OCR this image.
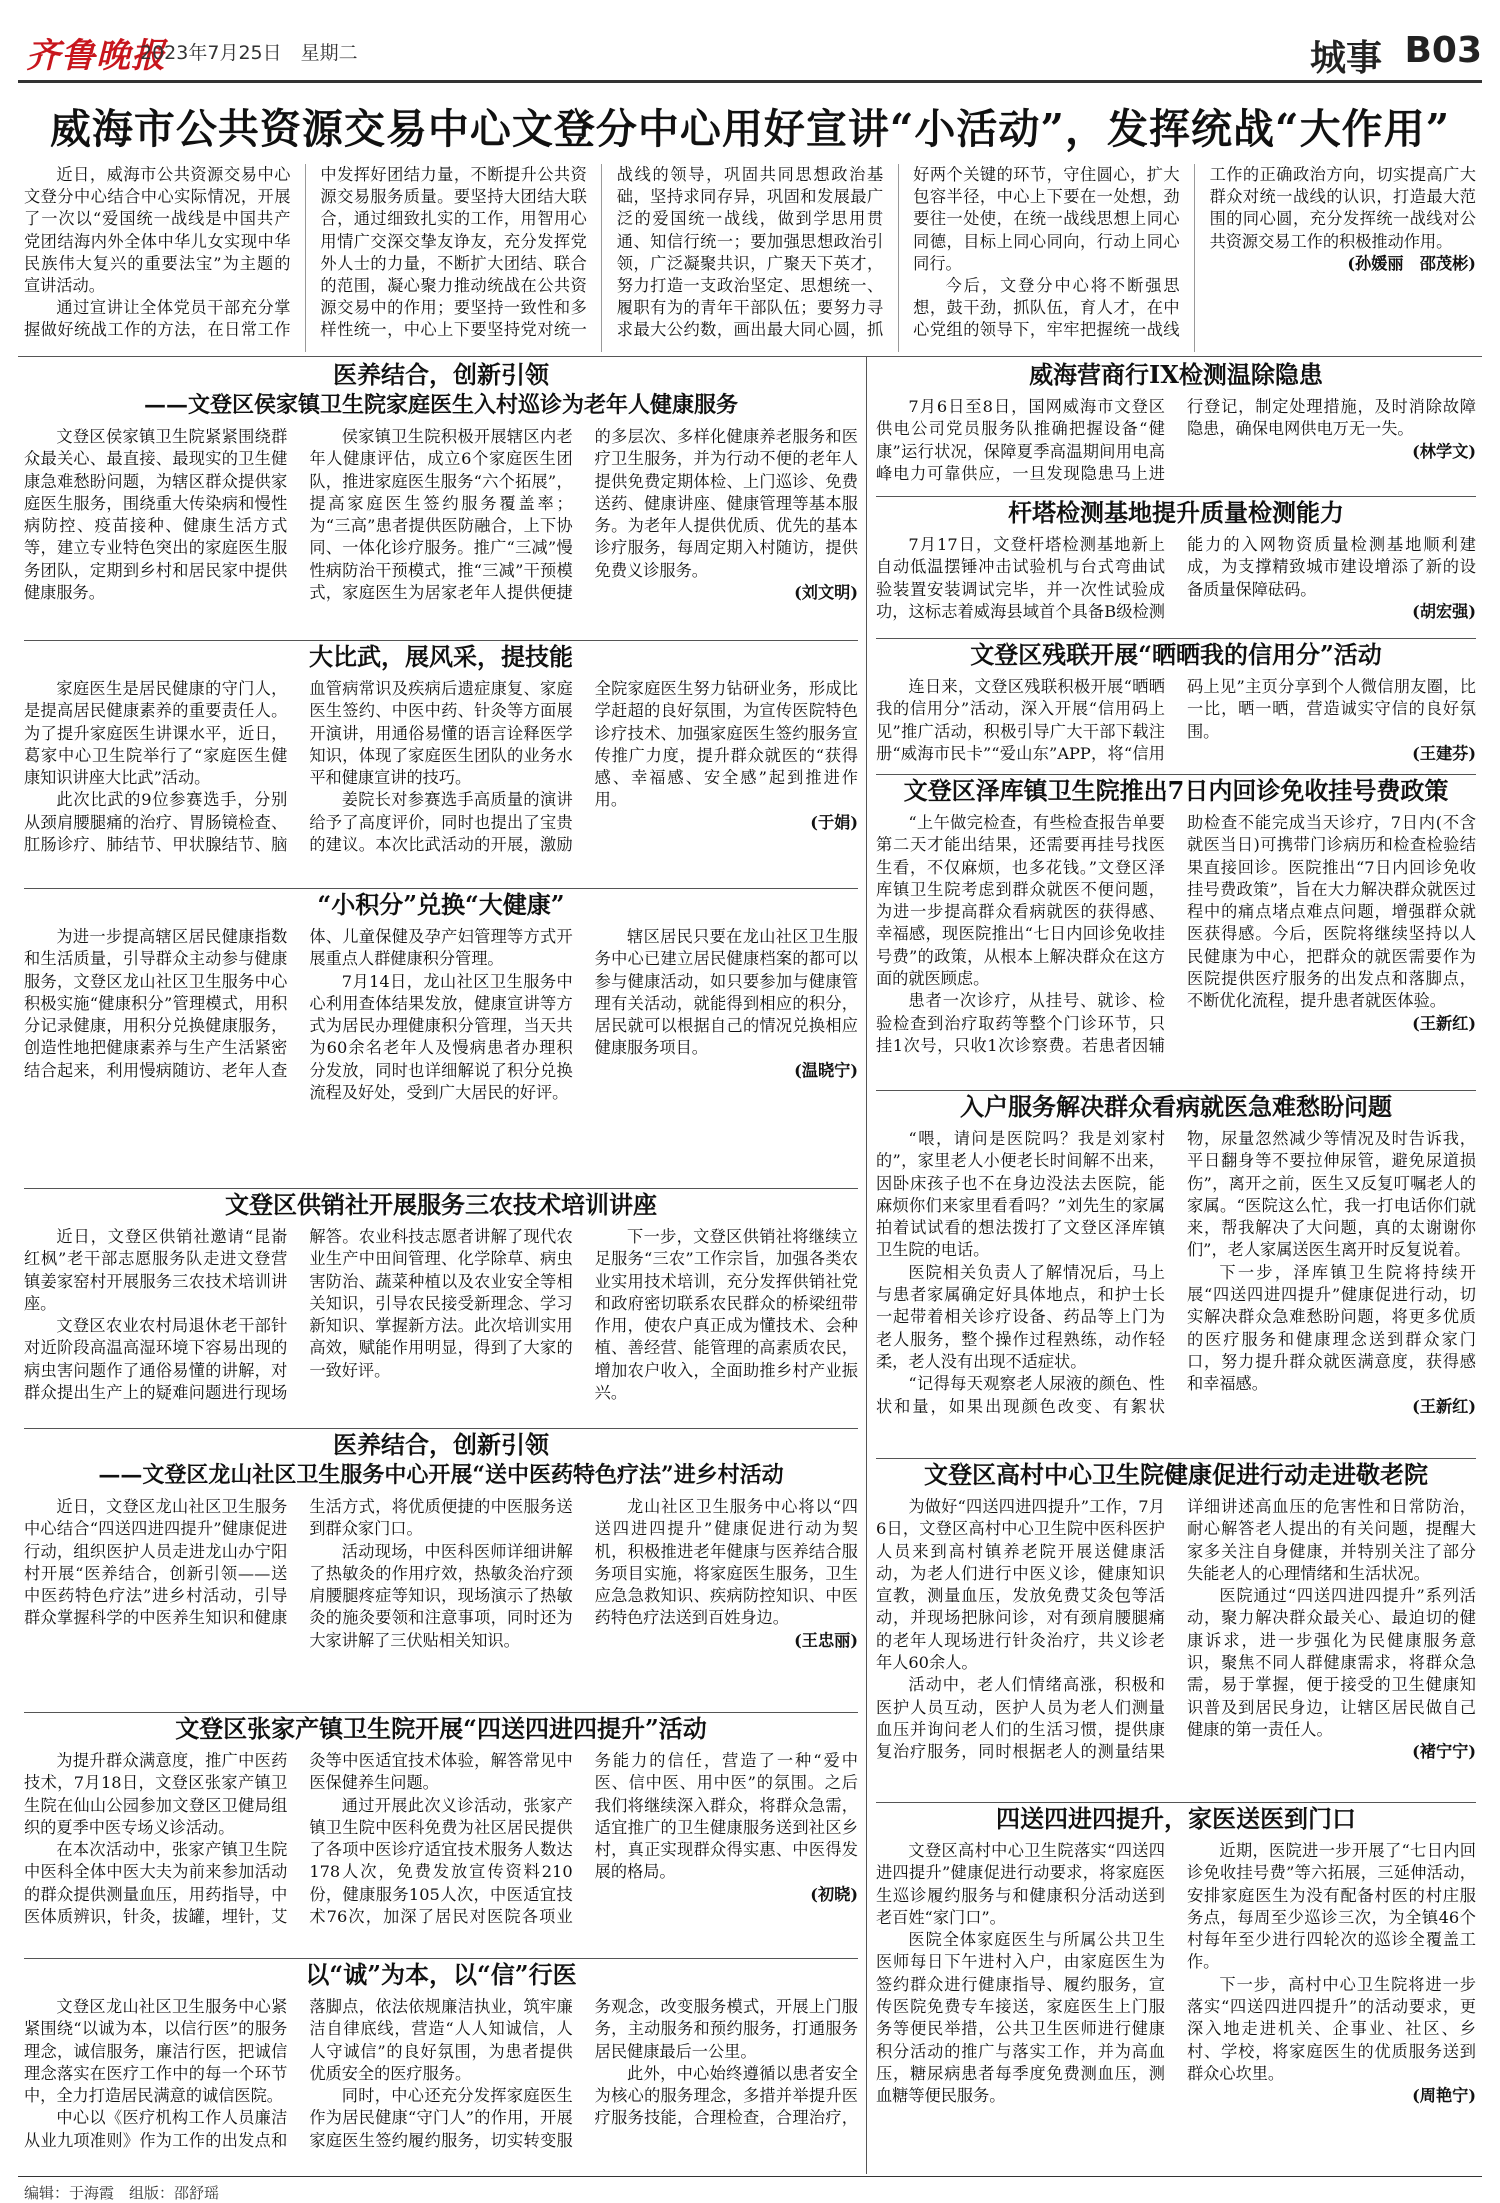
齐鲁晚报
2023年7月25日　星期二	城事 B03
威海市公共资源交易中心文登分中心用好宣讲“小活动”，发挥统战“大作用”

近日，威海市公共资源交易中心文登分中心结合中心实际情况，开展了一次以“爱国统一战线是中国共产党团结海内外全体中华儿女实现中华民族伟大复兴的重要法宝”为主题的宣讲活动。

通过宣讲让全体党员干部充分掌握做好统战工作的方法，在日常工作中发挥好团结力量，不断提升公共资源交易服务质量。要坚持大团结大联合，通过细致扎实的工作，用智用心用情广交深交挚友诤友，充分发挥党外人士的力量，不断扩大团结、联合的范围，凝心聚力推动统战在公共资源交易中的作用；要坚持一致性和多样性统一，中心上下要坚持党对统一战线的领导，巩固共同思想政治基础，坚持求同存异，巩固和发展最广泛的爱国统一战线，做到学思用贯通、知信行统一；要加强思想政治引领，广泛凝聚共识，广聚天下英才，努力打造一支政治坚定、思想统一、履职有为的青年干部队伍；要努力寻求最大公约数，画出最大同心圆，抓好两个关键的环节，守住圆心，扩大包容半径，中心上下要在一处想，劲要往一处使，在统一战线思想上同心同德，目标上同心同向，行动上同心同行。

今后，文登分中心将不断强思想，鼓干劲，抓队伍，育人才，在中心党组的领导下，牢牢把握统一战线工作的正确政治方向，切实提高广大群众对统一战线的认识，打造最大范围的同心圆，充分发挥统一战线对公共资源交易工作的积极推动作用。

(孙媛丽　邵茂彬)

医养结合，创新引领
——文登区侯家镇卫生院家庭医生入村巡诊为老年人健康服务

文登区侯家镇卫生院紧紧围绕群众最关心、最直接、最现实的卫生健康急难愁盼问题，为辖区群众提供家庭医生服务，围绕重大传染病和慢性病防控、疫苗接种、健康生活方式等，建立专业特色突出的家庭医生服务团队，定期到乡村和居民家中提供健康服务。

侯家镇卫生院积极开展辖区内老年人健康评估，成立6个家庭医生团队，推进家庭医生服务“六个拓展”，提高家庭医生签约服务覆盖率；为“三高”患者提供医防融合，上下协同、一体化诊疗服务。推广“三减”慢性病防治干预模式，推“三减”干预模式，家庭医生为居家老年人提供便捷的多层次、多样化健康养老服务和医疗卫生服务，并为行动不便的老年人提供免费定期体检、上门巡诊、免费送药、健康讲座、健康管理等基本服务。为老年人提供优质、优先的基本诊疗服务，每周定期入村随访，提供免费义诊服务。

(刘文明)

大比武，展风采，提技能

家庭医生是居民健康的守门人，是提高居民健康素养的重要责任人。为了提升家庭医生讲课水平，近日，葛家中心卫生院举行了“家庭医生健康知识讲座大比武”活动。

此次比武的9位参赛选手，分别从颈肩腰腿痛的治疗、胃肠镜检查、肛肠诊疗、肺结节、甲状腺结节、脑血管病常识及疾病后遗症康复、家庭医生签约、中医中药、针灸等方面展开演讲，用通俗易懂的语言诠释医学知识，体现了家庭医生团队的业务水平和健康宣讲的技巧。

姜院长对参赛选手高质量的演讲给予了高度评价，同时也提出了宝贵的建议。本次比武活动的开展，激励全院家庭医生努力钻研业务，形成比学赶超的良好氛围，为宣传医院特色诊疗技术、加强家庭医生签约服务宣传推广力度，提升群众就医的“获得感、幸福感、安全感”起到推进作用。

(于娟)

“小积分”兑换“大健康”

为进一步提高辖区居民健康指数和生活质量，引导群众主动参与健康服务，文登区龙山社区卫生服务中心积极实施“健康积分”管理模式，用积分记录健康，用积分兑换健康服务，创造性地把健康素养与生产生活紧密结合起来，利用慢病随访、老年人查体、儿童保健及孕产妇管理等方式开展重点人群健康积分管理。

7月14日，龙山社区卫生服务中心利用查体结果发放，健康宣讲等方式为居民办理健康积分管理，当天共为60余名老年人及慢病患者办理积分发放，同时也详细解说了积分兑换流程及好处，受到广大居民的好评。

辖区居民只要在龙山社区卫生服务中心已建立居民健康档案的都可以参与健康活动，如只要参加与健康管理有关活动，就能得到相应的积分，居民就可以根据自己的情况兑换相应健康服务项目。

(温晓宁)

文登区供销社开展服务三农技术培训讲座

近日，文登区供销社邀请“昆嵛红枫”老干部志愿服务队走进文登营镇姜家窑村开展服务三农技术培训讲座。

文登区农业农村局退休老干部针对近阶段高温高湿环境下容易出现的病虫害问题作了通俗易懂的讲解，对群众提出生产上的疑难问题进行现场解答。农业科技志愿者讲解了现代农业生产中田间管理、化学除草、病虫害防治、蔬菜种植以及农业安全等相关知识，引导农民接受新理念、学习新知识、掌握新方法。此次培训实用高效，赋能作用明显，得到了大家的一致好评。

下一步，文登区供销社将继续立足服务“三农”工作宗旨，加强各类农业实用技术培训，充分发挥供销社党和政府密切联系农民群众的桥梁纽带作用，使农户真正成为懂技术、会种植、善经营、能管理的高素质农民，增加农户收入，全面助推乡村产业振兴。

医养结合，创新引领
——文登区龙山社区卫生服务中心开展“送中医药特色疗法”进乡村活动

近日，文登区龙山社区卫生服务中心结合“四送四进四提升”健康促进行动，组织医护人员走进龙山办宁阳村开展“医养结合，创新引领——送中医药特色疗法”进乡村活动，引导群众掌握科学的中医养生知识和健康生活方式，将优质便捷的中医服务送到群众家门口。

活动现场，中医科医师详细讲解了热敏灸的作用疗效，热敏灸治疗颈肩腰腿疼症等知识，现场演示了热敏灸的施灸要领和注意事项，同时还为大家讲解了三伏贴相关知识。

龙山社区卫生服务中心将以“四送四进四提升”健康促进行动为契机，积极推进老年健康与医养结合服务项目实施，将家庭医生服务，卫生应急急救知识、疾病防控知识、中医药特色疗法送到百姓身边。

(王忠丽)

文登区张家产镇卫生院开展“四送四进四提升”活动

为提升群众满意度，推广中医药技术，7月18日，文登区张家产镇卫生院在仙山公园参加文登区卫健局组织的夏季中医专场义诊活动。

在本次活动中，张家产镇卫生院中医科全体中医大夫为前来参加活动的群众提供测量血压，用药指导，中医体质辨识，针灸，拔罐，埋针，艾灸等中医适宜技术体验，解答常见中医保健养生问题。

通过开展此次义诊活动，张家产镇卫生院中医科免费为社区居民提供了各项中医诊疗适宜技术服务人数达178人次，免费发放宣传资料210份，健康服务105人次，中医适宜技术76次，加深了居民对医院各项业务能力的信任，营造了一种“爱中医、信中医、用中医”的氛围。之后我们将继续深入群众，将群众急需，适宜推广的卫生健康服务送到社区乡村，真正实现群众得实惠、中医得发展的格局。

(初晓)

以“诚”为本，以“信”行医

文登区龙山社区卫生服务中心紧紧围绕“以诚为本，以信行医”的服务理念，诚信服务，廉洁行医，把诚信理念落实在医疗工作中的每一个环节中，全力打造居民满意的诚信医院。

中心以《医疗机构工作人员廉洁从业九项准则》作为工作的出发点和落脚点，依法依规廉洁执业，筑牢廉洁自律底线，营造“人人知诚信，人人守诚信”的良好氛围，为患者提供优质安全的医疗服务。

同时，中心还充分发挥家庭医生作为居民健康“守门人”的作用，开展家庭医生签约履约服务，切实转变服务观念，改变服务模式，开展上门服务，主动服务和预约服务，打通服务居民健康最后一公里。

此外，中心始终遵循以患者安全为核心的服务理念，多措并举提升医疗服务技能，合理检查，合理治疗，

威海营商行IX检测温除隐患

7月6日至8日，国网威海市文登区供电公司党员服务队推确把握设备“健康”运行状况，保障夏季高温期间用电高峰电力可靠供应，一旦发现隐患马上进行登记，制定处理措施，及时消除故障隐患，确保电网供电万无一失。

(林学文)

杆塔检测基地提升质量检测能力

7月17日，文登杆塔检测基地新上自动低温摆锤冲击试验机与台式弯曲试验装置安装调试完毕，并一次性试验成功，这标志着威海县域首个具备B级检测能力的入网物资质量检测基地顺利建成，为支撑精致城市建设增添了新的设备质量保障砝码。

(胡宏强)

文登区残联开展“晒晒我的信用分”活动

连日来，文登区残联积极开展“晒晒我的信用分”活动，深入开展“信用码上见”推广活动，积极引导广大干部下载注册“威海市民卡”“爱山东”APP，将“信用码上见”主页分享到个人微信朋友圈，比一比，晒一晒，营造诚实守信的良好氛围。

(王建芬)

文登区泽库镇卫生院推出7日内回诊免收挂号费政策

“上午做完检查，有些检查报告单要第二天才能出结果，还需要再挂号找医生看，不仅麻烦，也多花钱。”文登区泽库镇卫生院考虑到群众就医不便问题，为进一步提高群众看病就医的获得感、幸福感，现医院推出“七日内回诊免收挂号费”的政策，从根本上解决群众在这方面的就医顾虑。

患者一次诊疗，从挂号、就诊、检验检查到治疗取药等整个门诊环节，只挂1次号，只收1次诊察费。若患者因辅助检查不能完成当天诊疗，7日内(不含就医当日)可携带门诊病历和检查检验结果直接回诊。医院推出“7日内回诊免收挂号费政策”，旨在大力解决群众就医过程中的痛点堵点难点问题，增强群众就医获得感。今后，医院将继续坚持以人民健康为中心，把群众的就医需要作为医院提供医疗服务的出发点和落脚点，不断优化流程，提升患者就医体验。

(王新红)

入户服务解决群众看病就医急难愁盼问题

“喂，请问是医院吗？我是刘家村的”，家里老人小便老长时间解不出来，因卧床孩子也不在身边没法去医院，能麻烦你们来家里看看吗？”刘先生的家属拍着试试看的想法拨打了文登区泽库镇卫生院的电话。

医院相关负责人了解情况后，马上与患者家属确定好具体地点，和护士长一起带着相关诊疗设备、药品等上门为老人服务，整个操作过程熟练，动作轻柔，老人没有出现不适症状。

“记得每天观察老人尿液的颜色、性状和量，如果出现颜色改变、有絮状物，尿量忽然减少等情况及时告诉我，平日翻身等不要拉伸尿管，避免尿道损伤”，离开之前，医生又反复叮嘱老人的家属。“医院这么忙，我一打电话你们就来，帮我解决了大问题，真的太谢谢你们”，老人家属送医生离开时反复说着。

下一步，泽库镇卫生院将持续开展“四送四进四提升”健康促进行动，切实解决群众急难愁盼问题，将更多优质的医疗服务和健康理念送到群众家门口，努力提升群众就医满意度，获得感和幸福感。

(王新红)

文登区高村中心卫生院健康促进行动走进敬老院

为做好“四送四进四提升”工作，7月6日，文登区高村中心卫生院中医科医护人员来到高村镇养老院开展送健康活动，为老人们进行中医义诊，健康知识宣教，测量血压，发放免费艾灸包等活动，并现场把脉问诊，对有颈肩腰腿痛的老年人现场进行针灸治疗，共义诊老年人60余人。

活动中，老人们情绪高涨，积极和医护人员互动，医护人员为老人们测量血压并询问老人们的生活习惯，提供康复治疗服务，同时根据老人的测量结果详细讲述高血压的危害性和日常防治，耐心解答老人提出的有关问题，提醒大家多关注自身健康，并特别关注了部分失能老人的心理情绪和生活状况。

医院通过“四送四进四提升”系列活动，聚力解决群众最关心、最迫切的健康诉求，进一步强化为民健康服务意识，聚焦不同人群健康需求，将群众急需，易于掌握，便于接受的卫生健康知识普及到居民身边，让辖区居民做自己健康的第一责任人。

(褚宁宁)

四送四进四提升，家医送医到门口

文登区高村中心卫生院落实“四送四进四提升”健康促进行动要求，将家庭医生巡诊履约服务与和健康积分活动送到老百姓“家门口”。

医院全体家庭医生与所属公共卫生医师每日下午进村入户，由家庭医生为签约群众进行健康指导、履约服务，宣传医院免费专车接送，家庭医生上门服务等便民举措，公共卫生医师进行健康积分活动的推广与落实工作，并为高血压，糖尿病患者每季度免费测血压，测血糖等便民服务。

近期，医院进一步开展了“七日内回诊免收挂号费”等六拓展，三延伸活动，安排家庭医生为没有配备村医的村庄服务点，每周至少巡诊三次，为全镇46个村每年至少进行四轮次的巡诊全覆盖工作。

下一步，高村中心卫生院将进一步落实“四送四进四提升”的活动要求，更深入地走进机关、企事业、社区、乡村、学校，将家庭医生的优质服务送到群众心坎里。

(周艳宁)

编辑：于海霞　组版：邵舒瑶
